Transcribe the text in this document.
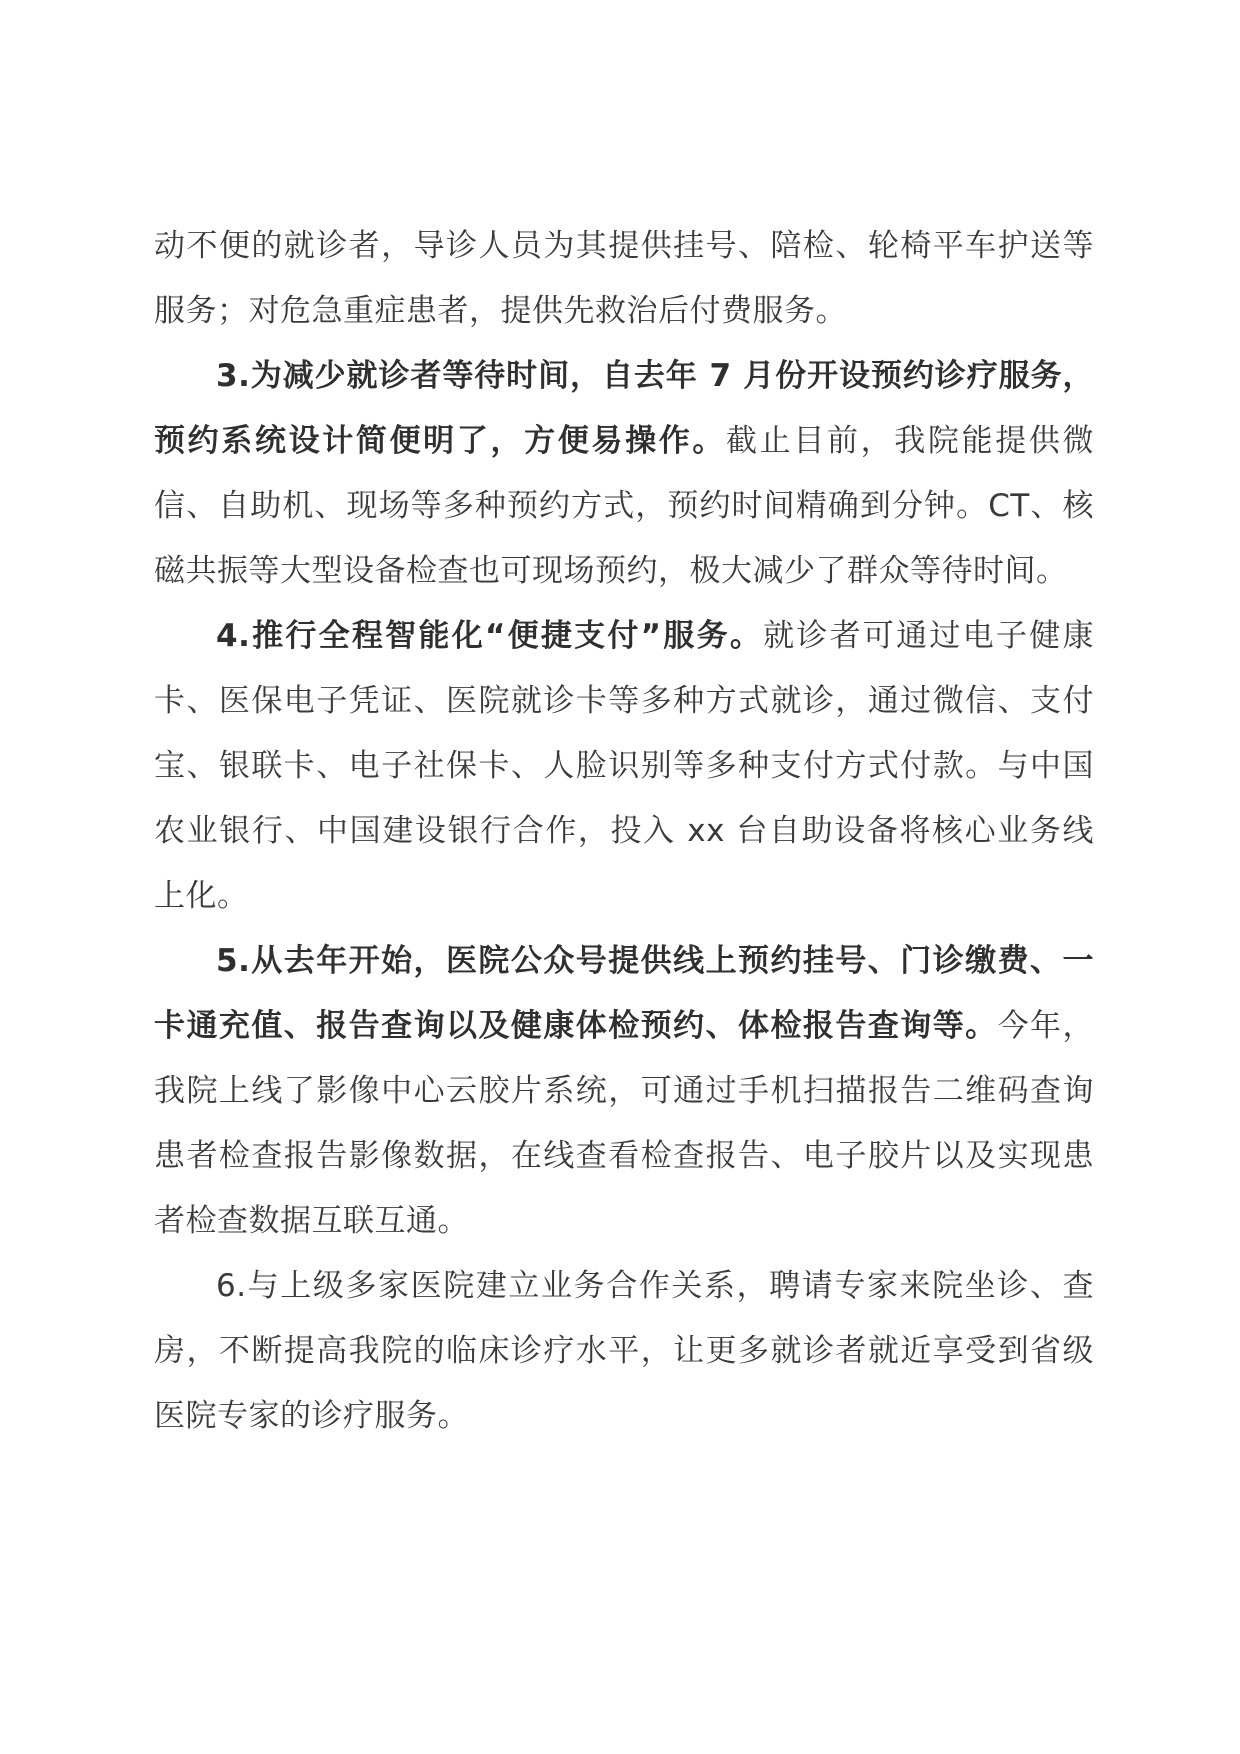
动不便的就诊者，导诊人员为其提供挂号、陪检、轮椅平车护送等服务；对危急重症患者，提供先救治后付费服务。

3.为减少就诊者等待时间，自去年 7 月份开设预约诊疗服务，预约系统设计简便明了，方便易操作。截止目前，我院能提供微信、自助机、现场等多种预约方式，预约时间精确到分钟。CT、核磁共振等大型设备检查也可现场预约，极大减少了群众等待时间。

4.推行全程智能化“便捷支付”服务。就诊者可通过电子健康卡、医保电子凭证、医院就诊卡等多种方式就诊，通过微信、支付宝、银联卡、电子社保卡、人脸识别等多种支付方式付款。与中国农业银行、中国建设银行合作，投入 xx 台自助设备将核心业务线上化。

5.从去年开始，医院公众号提供线上预约挂号、门诊缴费、一卡通充值、报告查询以及健康体检预约、体检报告查询等。今年，我院上线了影像中心云胶片系统，可通过手机扫描报告二维码查询患者检查报告影像数据，在线查看检查报告、电子胶片以及实现患者检查数据互联互通。

6.与上级多家医院建立业务合作关系，聘请专家来院坐诊、查房，不断提高我院的临床诊疗水平，让更多就诊者就近享受到省级医院专家的诊疗服务。
